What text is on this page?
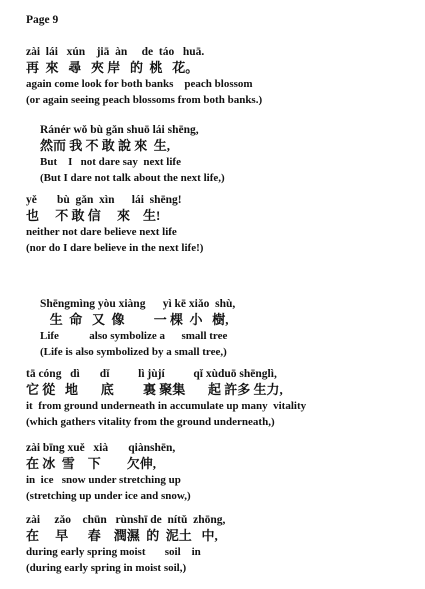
Page 9
zài  lái   xún    jiā  àn     de  táo   huā.
再  來   尋   夾 岸   的  桃   花。
again come look for both banks    peach blossom
(or again seeing peach blossoms from both banks.)
Ránér wǒ bù gǎn shuō lái shēng,
然而 我 不 敢 說 來  生,
But    I   not dare say  next life
(But I dare not talk about the next life,)
yě       bù  gǎn  xìn      lái  shēng!
也     不 敢 信     來    生!
neither not dare believe next life
(nor do I dare believe in the next life!)
Shēngmìng yòu xiàng      yì kē xiǎo  shù,
生  命   又  像         一 棵  小   樹,
Life           also symbolize a      small tree
(Life is also symbolized by a small tree,)
tā cóng   dì       dǐ          lì jùjí          qǐ xùduō shēnglì,
它 從   地       底         裏 聚集       起 許多 生力,
it  from ground underneath in accumulate up many  vitality
(which gathers vitality from the ground underneath,)
zài bīng xuě   xià       qiànshēn,
在 冰  雪    下        欠伸,
in  ice   snow under stretching up
(stretching up under ice and snow,)
zài     zǎo    chūn   rùnshī de  nítǔ  zhōng,
在     早      春    潤濕  的  泥土   中,
during early spring moist       soil    in
(during early spring in moist soil,)
